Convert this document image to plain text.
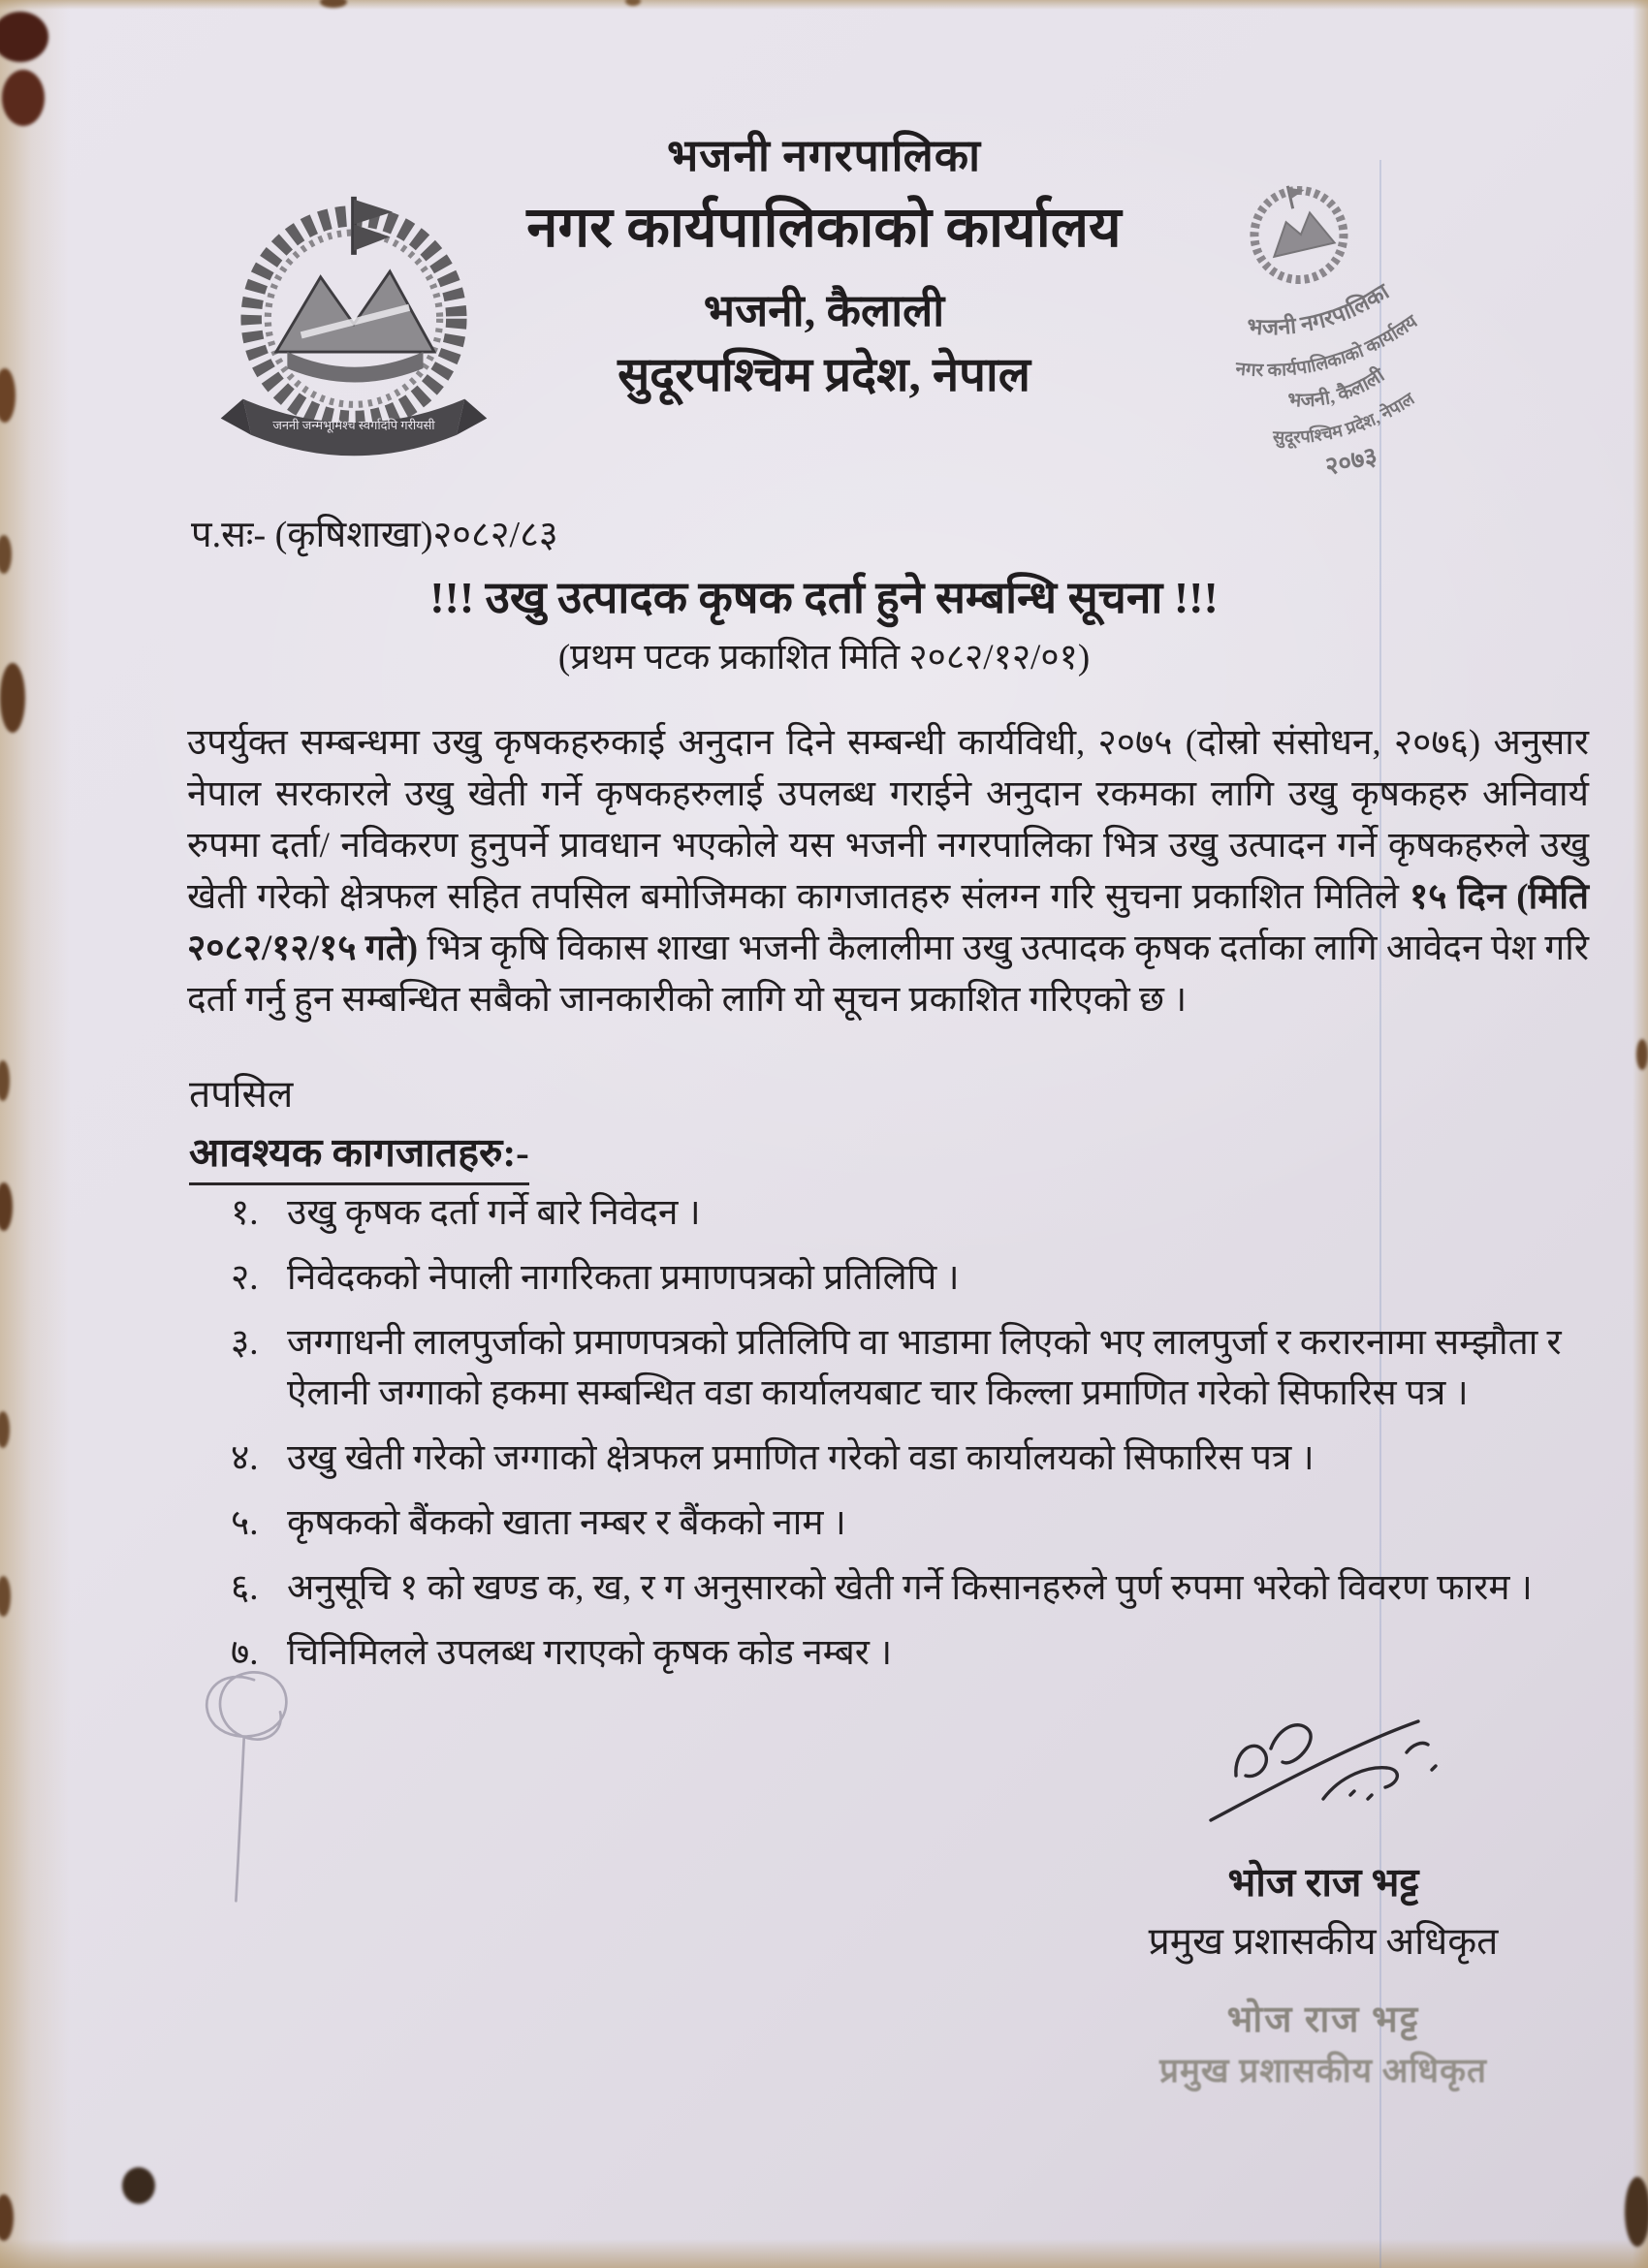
जननी जन्मभूमिश्च स्वर्गादपि गरीयसी
भजनी नगरपालिका
नगर कार्यपालिकाको कार्यालय
भजनी, कैलाली
सुदूरपश्चिम प्रदेश, नेपाल
भजनी नगरपालिका
नगर कार्यपालिकाको कार्यालय
भजनी, कैलाली
सुदूरपश्चिम प्रदेश, नेपाल
२०७३
प.सः- (कृषिशाखा)२०८२/८३
!!! उखु उत्पादक कृषक दर्ता हुने सम्बन्धि सूचना !!!
(प्रथम पटक प्रकाशित मिति २०८२/१२/०१)
उपर्युक्त सम्बन्धमा उखु कृषकहरुकाई अनुदान दिने सम्बन्धी कार्यविधी, २०७५ (दोस्रो संसोधन, २०७६) अनुसार नेपाल सरकारले उखु खेती गर्ने कृषकहरुलाई उपलब्ध गराईने अनुदान रकमका लागि उखु कृषकहरु अनिवार्य रुपमा दर्ता/ नविकरण हुनुपर्ने प्रावधान भएकोले यस भजनी नगरपालिका भित्र उखु उत्पादन गर्ने कृषकहरुले उखु खेती गरेको क्षेत्रफल सहित तपसिल बमोजिमका कागजातहरु संलग्न गरि सुचना प्रकाशित मितिले १५ दिन (मिति २०८२/१२/१५ गते) भित्र कृषि विकास शाखा भजनी कैलालीमा उखु उत्पादक कृषक दर्ताका लागि आवेदन पेश गरि दर्ता गर्नु हुन सम्बन्धित सबैको जानकारीको लागि यो सूचन प्रकाशित गरिएको छ ।
तपसिल
आवश्यक कागजातहरु:-
१. उखु कृषक दर्ता गर्ने बारे निवेदन ।
२. निवेदकको नेपाली नागरिकता प्रमाणपत्रको प्रतिलिपि ।
३. जग्गाधनी लालपुर्जाको प्रमाणपत्रको प्रतिलिपि वा भाडामा लिएको भए लालपुर्जा र करारनामा सम्झौता र ऐलानी जग्गाको हकमा सम्बन्धित वडा कार्यालयबाट चार किल्ला प्रमाणित गरेको सिफारिस पत्र ।
४. उखु खेती गरेको जग्गाको क्षेत्रफल प्रमाणित गरेको वडा कार्यालयको सिफारिस पत्र ।
५. कृषकको बैंकको खाता नम्बर र बैंकको नाम ।
६. अनुसूचि १ को खण्ड क, ख, र ग अनुसारको खेती गर्ने किसानहरुले पुर्ण रुपमा भरेको विवरण फारम ।
७. चिनिमिलले उपलब्ध गराएको कृषक कोड नम्बर ।
भोज राज भट्ट
प्रमुख प्रशासकीय अधिकृत
भोज राज भट्ट
प्रमुख प्रशासकीय अधिकृत
